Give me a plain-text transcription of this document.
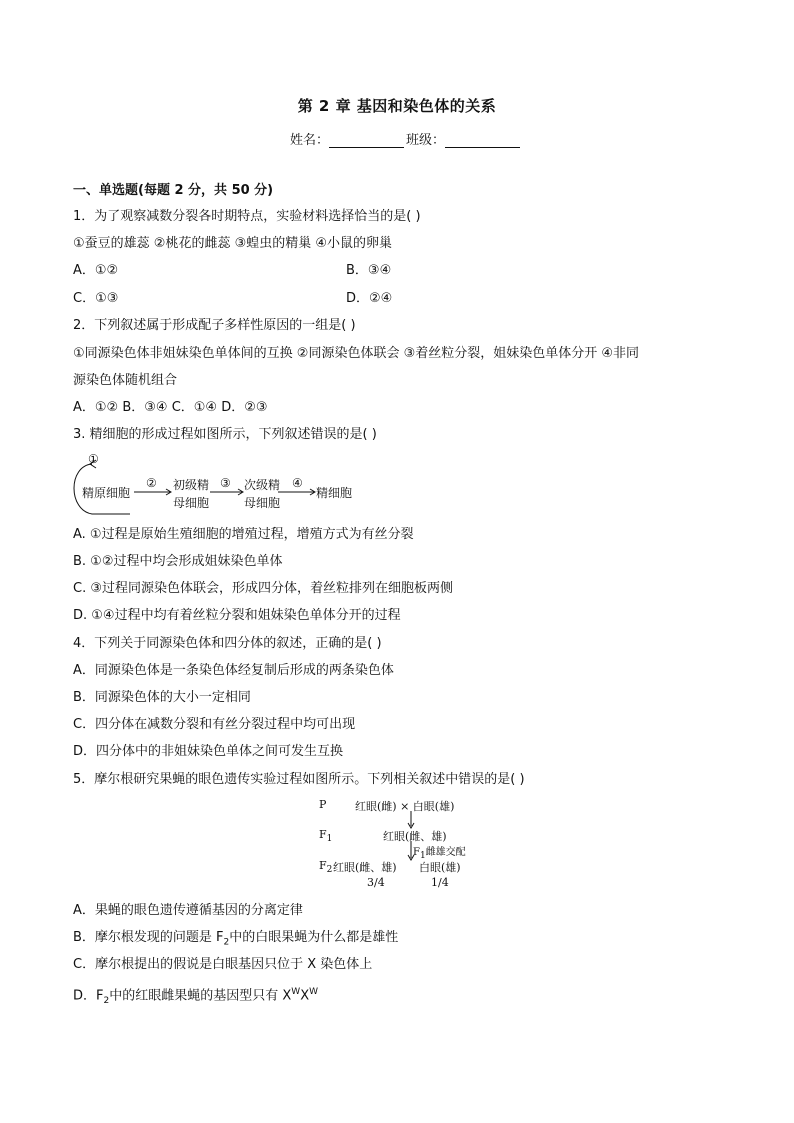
第 2 章 基因和染色体的关系
姓名：	班级：
一、单选题(每题 2 分，共 50 分)
1．为了观察减数分裂各时期特点，实验材料选择恰当的是( )
①蚕豆的雄蕊 ②桃花的雌蕊 ③蝗虫的精巢 ④小鼠的卵巢
A．①②	B．③④
C．①③	D．②④
2．下列叙述属于形成配子多样性原因的一组是( )
①同源染色体非姐妹染色单体间的互换 ②同源染色体联会 ③着丝粒分裂，姐妹染色单体分开 ④非同
源染色体随机组合
A．①② B．③④ C．①④ D．②③
3. 精细胞的形成过程如图所示，下列叙述错误的是( )
①
精原细胞
② 初级精
母细胞
③ 次级精
母细胞
④
精细胞
A. ①过程是原始生殖细胞的增殖过程，增殖方式为有丝分裂
B. ①②过程中均会形成姐妹染色单体
C. ③过程同源染色体联会，形成四分体，着丝粒排列在细胞板两侧
D. ①④过程中均有着丝粒分裂和姐妹染色单体分开的过程
4．下列关于同源染色体和四分体的叙述，正确的是( )
A．同源染色体是一条染色体经复制后形成的两条染色体
B．同源染色体的大小一定相同
C．四分体在减数分裂和有丝分裂过程中均可出现
D．四分体中的非姐妹染色单体之间可发生互换
5．摩尔根研究果蝇的眼色遗传实验过程如图所示。下列相关叙述中错误的是( )
P	红眼(雌) × 白眼(雄)
$F_1$	红眼(雌、雄)
$F_1$雌雄交配
$F_2$ 红眼(雌、雄) 白眼(雄)
3/4	1/4
A．果蝇的眼色遗传遵循基因的分离定律
B．摩尔根发现的问题是 $F_2$中的白眼果蝇为什么都是雄性
C．摩尔根提出的假说是白眼基因只位于 X 染色体上
D．$F_2$中的红眼雌果蝇的基因型只有 $X^WX^W$
